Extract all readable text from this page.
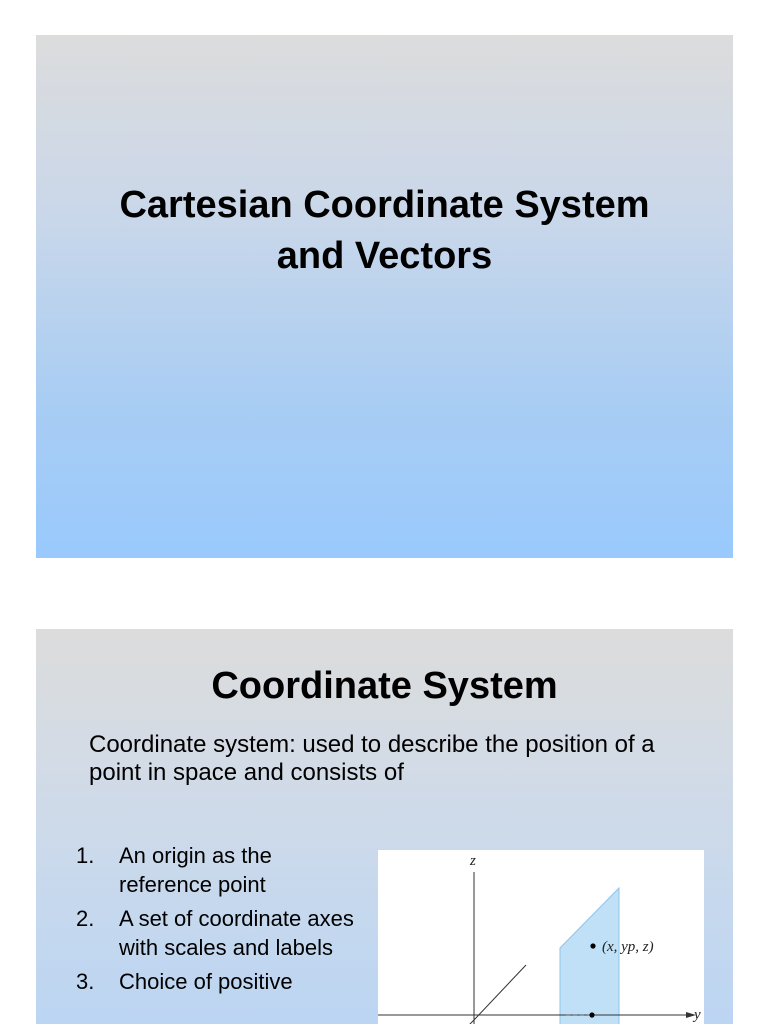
Cartesian Coordinate System
and Vectors
Coordinate System
Coordinate system: used to describe the position of a point in space and consists of
1.	An origin as the reference point
2.	A set of coordinate axes with scales and labels
3.	Choice of positive
z
y
(x, yp, z)
